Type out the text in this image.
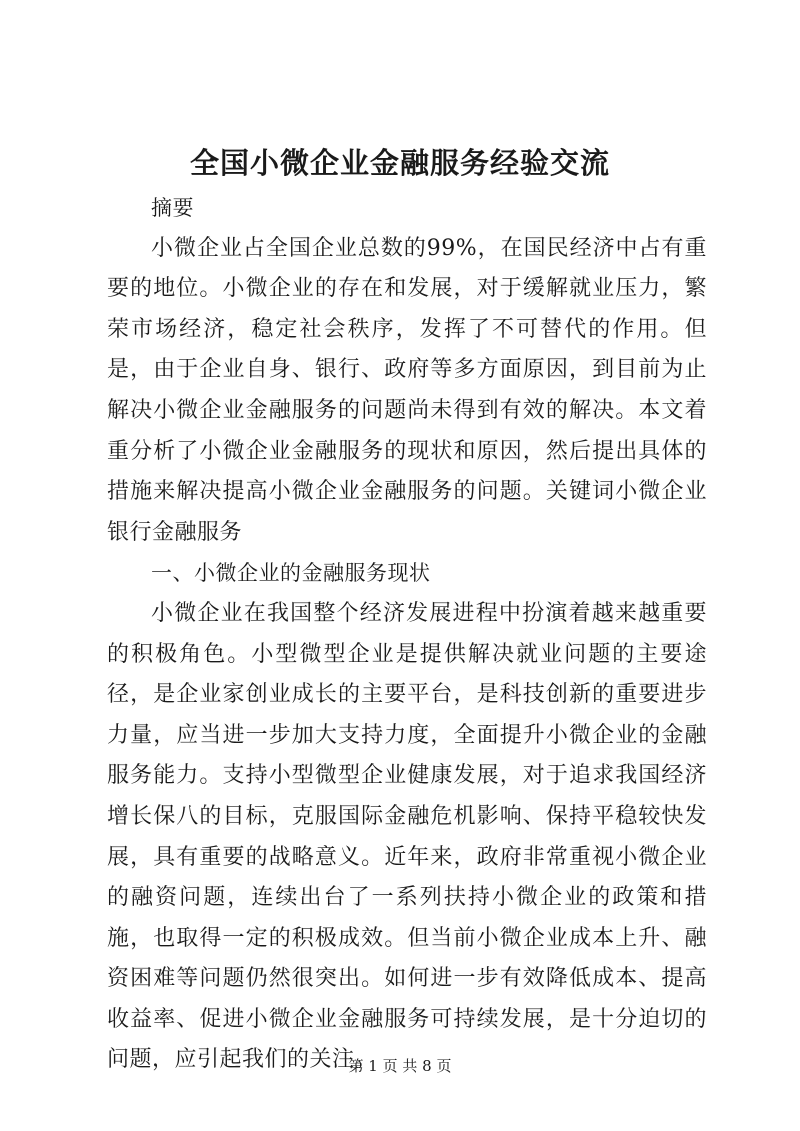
全国小微企业金融服务经验交流

摘要

小微企业占全国企业总数的99%，在国民经济中占有重要的地位。小微企业的存在和发展，对于缓解就业压力，繁荣市场经济，稳定社会秩序，发挥了不可替代的作用。但是，由于企业自身、银行、政府等多方面原因，到目前为止解决小微企业金融服务的问题尚未得到有效的解决。本文着重分析了小微企业金融服务的现状和原因，然后提出具体的措施来解决提高小微企业金融服务的问题。关键词小微企业银行金融服务

一、小微企业的金融服务现状

小微企业在我国整个经济发展进程中扮演着越来越重要的积极角色。小型微型企业是提供解决就业问题的主要途径，是企业家创业成长的主要平台，是科技创新的重要进步力量，应当进一步加大支持力度，全面提升小微企业的金融服务能力。支持小型微型企业健康发展，对于追求我国经济增长保八的目标，克服国际金融危机影响、保持平稳较快发展，具有重要的战略意义。近年来，政府非常重视小微企业的融资问题，连续出台了一系列扶持小微企业的政策和措施，也取得一定的积极成效。但当前小微企业成本上升、融资困难等问题仍然很突出。如何进一步有效降低成本、提高收益率、促进小微企业金融服务可持续发展，是十分迫切的问题，应引起我们的关注。

第 1 页 共 8 页
